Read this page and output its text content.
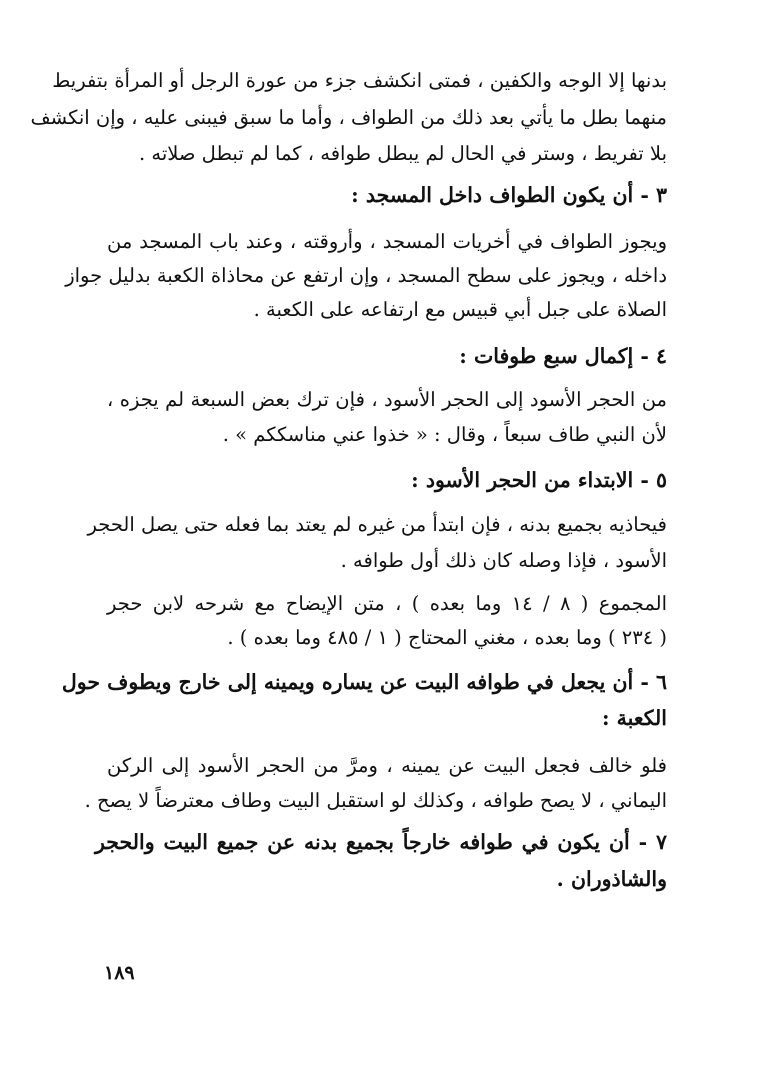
بدنها إلا الوجه والكفين ، فمتى انكشف جزء من عورة الرجل أو المرأة بتفريط
منهما بطل ما يأتي بعد ذلك من الطواف ، وأما ما سبق فيبنى عليه ، وإن انكشف
بلا تفريط ، وستر في الحال لم يبطل طوافه ، كما لم تبطل صلاته .
٣ - أن يكون الطواف داخل المسجد :
ويجوز الطواف في أخريات المسجد ، وأروقته ، وعند باب المسجد من
داخله ، ويجوز على سطح المسجد ، وإن ارتفع عن محاذاة الكعبة بدليل جواز
الصلاة على جبل أبي قبيس مع ارتفاعه على الكعبة .
٤ - إكمال سبع طوفات :
من الحجر الأسود إلى الحجر الأسود ، فإن ترك بعض السبعة لم يجزه ،
لأن النبي طاف سبعاً ، وقال : « خذوا عني مناسككم » .
٥ - الابتداء من الحجر الأسود :
فيحاذيه بجميع بدنه ، فإن ابتدأ من غيره لم يعتد بما فعله حتى يصل الحجر
الأسود ، فإذا وصله كان ذلك أول طوافه .
المجموع ( ٨ / ١٤ وما بعده ) ، متن الإيضاح مع شرحه لابن حجر
( ٢٣٤ ) وما بعده ، مغني المحتاج ( ١ / ٤٨٥ وما بعده ) .
٦ - أن يجعل في طوافه البيت عن يساره ويمينه إلى خارج ويطوف حول
الكعبة :
فلو خالف فجعل البيت عن يمينه ، ومرَّ من الحجر الأسود إلى الركن
اليماني ، لا يصح طوافه ، وكذلك لو استقبل البيت وطاف معترضاً لا يصح .
٧ - أن يكون في طوافه خارجاً بجميع بدنه عن جميع البيت والحجر
والشاذوران .
١٨٩
